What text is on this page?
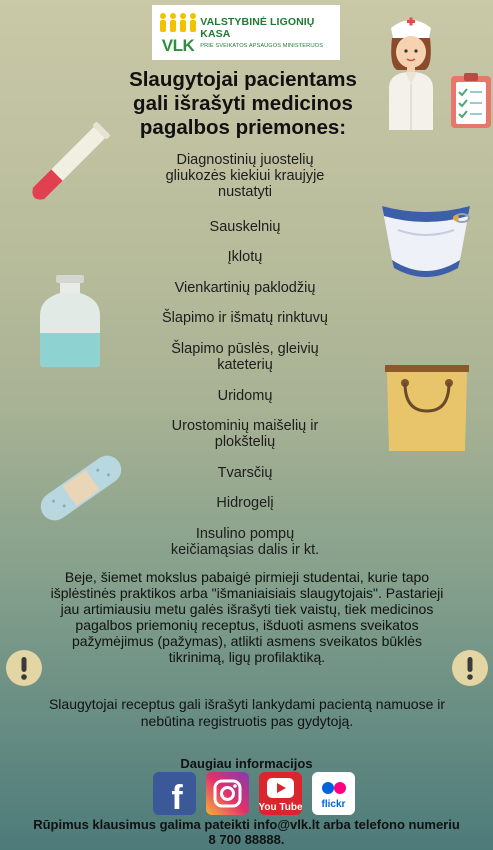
VLK
VALSTYBINĖ LIGONIŲ KASA
PRIE SVEIKATOS APSAUGOS MINISTERIJOS
Slaugytojai pacientams
gali išrašyti medicinos
pagalbos priemones:
Diagnostinių juostelių
gliukozės kiekiui kraujyje
nustatyti
Sauskelnių
Įklotų
Vienkartinių paklodžių
Šlapimo ir išmatų rinktuvų
Šlapimo pūslės, gleivių
kateterių
Uridomų
Urostominių maišelių ir
plokštelių
Tvarsčių
Hidrogelį
Insulino pompų
keičiamąsias dalis ir kt.
Beje, šiemet mokslus pabaigė pirmieji studentai, kurie tapo
išplėstinės praktikos arba "išmaniaisiais slaugytojais". Pastarieji
jau artimiausiu metu galės išrašyti tiek vaistų, tiek medicinos
pagalbos priemonių receptus, išduoti asmens sveikatos
pažymėjimus (pažymas), atlikti asmens sveikatos būklės
tikrinimą, ligų profilaktiką.
Slaugytojai receptus gali išrašyti lankydami pacientą namuose ir
nebūtina registruotis pas gydytoją.
Daugiau informacijos
f	You Tube flickr
Rūpimus klausimus galima pateikti info@vlk.lt arba telefono numeriu
8 700 88888.
